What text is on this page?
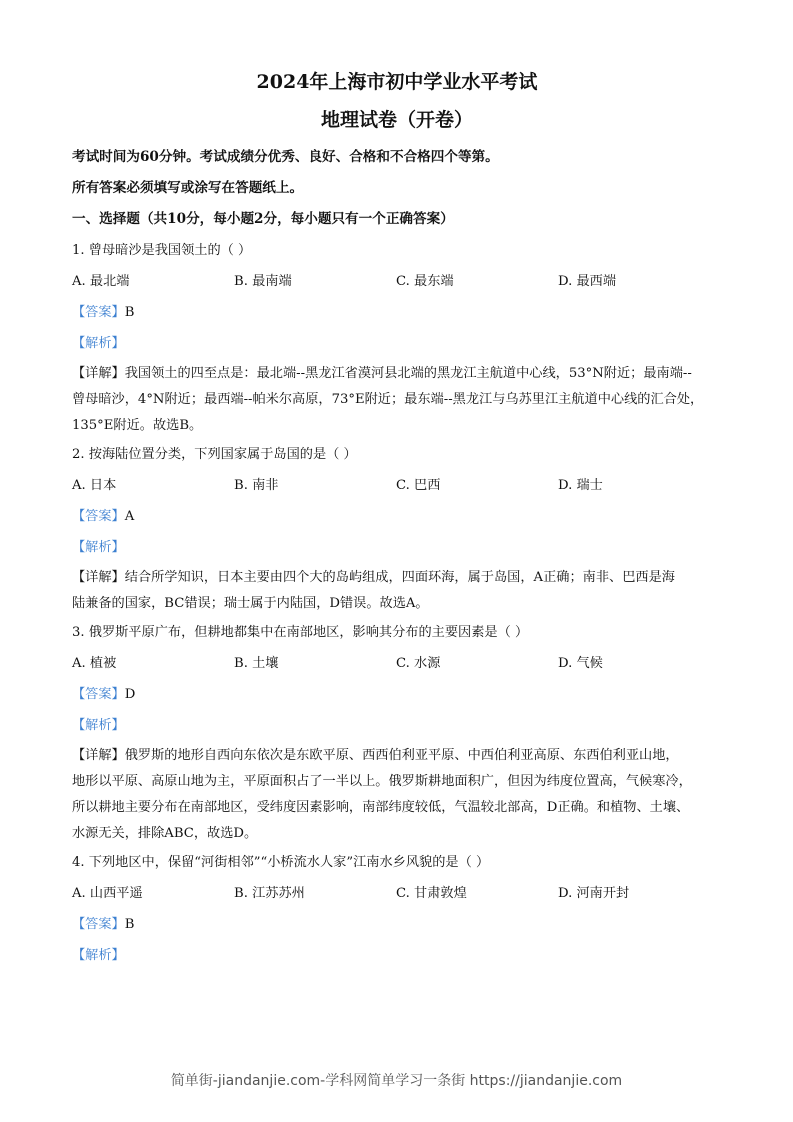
2024年上海市初中学业水平考试
地理试卷（开卷）
考试时间为60分钟。考试成绩分优秀、良好、合格和不合格四个等第。
所有答案必须填写或涂写在答题纸上。
一、选择题（共10分，每小题2分，每小题只有一个正确答案）
1. 曾母暗沙是我国领土的（ ）
A. 最北端	B. 最南端	C. 最东端	D. 最西端
【答案】B
【解析】
【详解】我国领土的四至点是：最北端--黑龙江省漠河县北端的黑龙江主航道中心线，53°N附近；最南端--
曾母暗沙，4°N附近；最西端--帕米尔高原，73°E附近；最东端--黑龙江与乌苏里江主航道中心线的汇合处，
135°E附近。故选B。
2. 按海陆位置分类，下列国家属于岛国的是（ ）
A. 日本	B. 南非	C. 巴西	D. 瑞士
【答案】A
【解析】
【详解】结合所学知识，日本主要由四个大的岛屿组成，四面环海，属于岛国，A正确；南非、巴西是海
陆兼备的国家，BC错误；瑞士属于内陆国，D错误。故选A。
3. 俄罗斯平原广布，但耕地都集中在南部地区，影响其分布的主要因素是（ ）
A. 植被	B. 土壤	C. 水源	D. 气候
【答案】D
【解析】
【详解】俄罗斯的地形自西向东依次是东欧平原、西西伯利亚平原、中西伯利亚高原、东西伯利亚山地，
地形以平原、高原山地为主，平原面积占了一半以上。俄罗斯耕地面积广，但因为纬度位置高，气候寒冷，
所以耕地主要分布在南部地区，受纬度因素影响，南部纬度较低，气温较北部高，D正确。和植物、土壤、
水源无关，排除ABC，故选D。
4. 下列地区中，保留“河街相邻”“小桥流水人家”江南水乡风貌的是（ ）
A. 山西平遥	B. 江苏苏州	C. 甘肃敦煌	D. 河南开封
【答案】B
【解析】
简单街-jiandanjie.com-学科网简单学习一条街 https://jiandanjie.com
